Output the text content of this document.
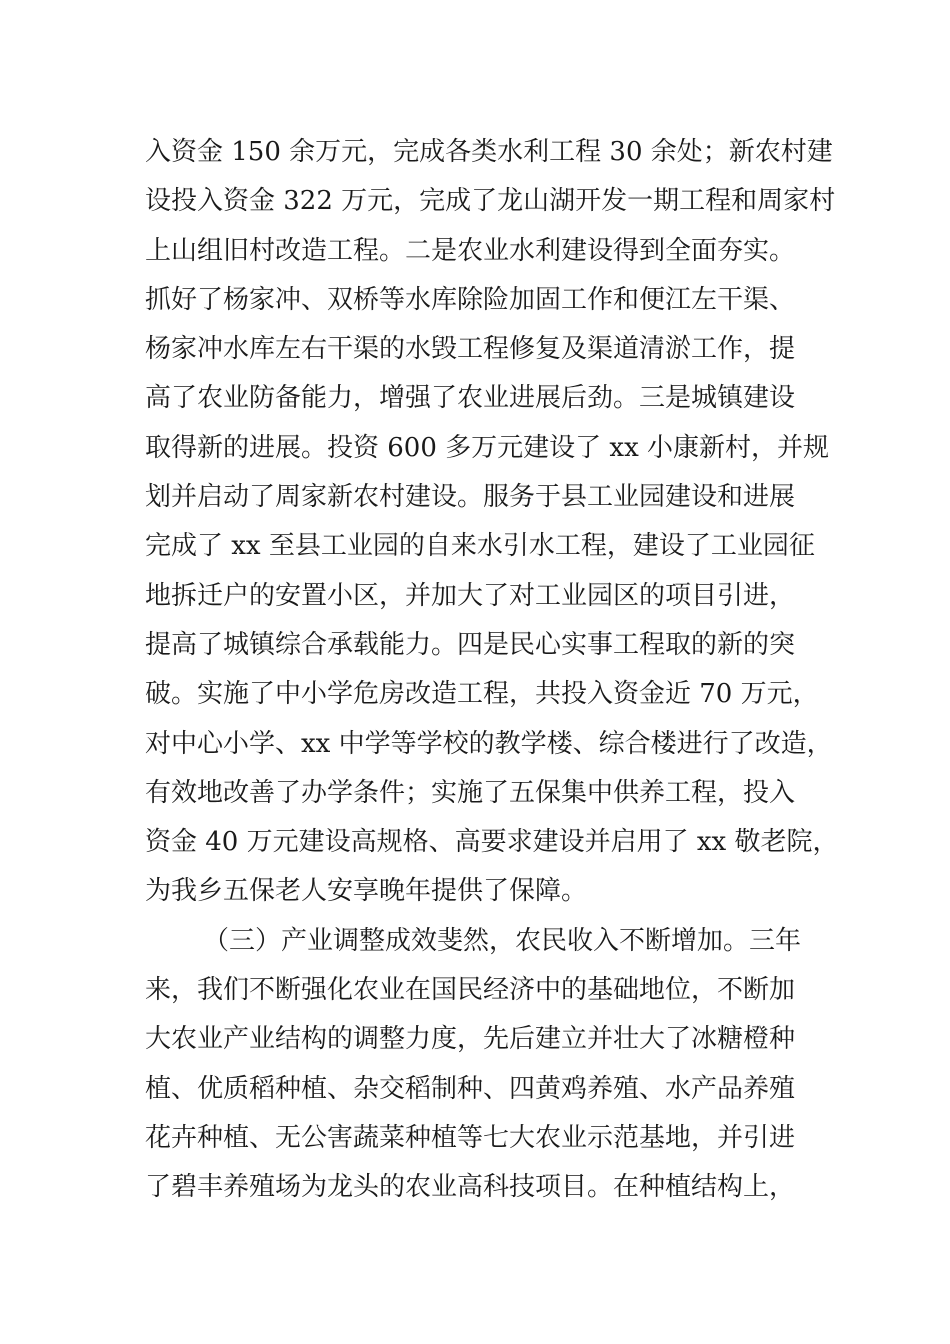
入资金 150 余万元，完成各类水利工程 30 余处；新农村建
设投入资金 322 万元，完成了龙山湖开发一期工程和周家村
上山组旧村改造工程。二是农业水利建设得到全面夯实。
抓好了杨家冲、双桥等水库除险加固工作和便江左干渠、
杨家冲水库左右干渠的水毁工程修复及渠道清淤工作，提
高了农业防备能力，增强了农业进展后劲。三是城镇建设
取得新的进展。投资 600 多万元建设了 xx 小康新村，并规
划并启动了周家新农村建设。服务于县工业园建设和进展
完成了 xx 至县工业园的自来水引水工程，建设了工业园征
地拆迁户的安置小区，并加大了对工业园区的项目引进，
提高了城镇综合承载能力。四是民心实事工程取的新的突
破。实施了中小学危房改造工程，共投入资金近 70 万元，
对中心小学、xx 中学等学校的教学楼、综合楼进行了改造，
有效地改善了办学条件；实施了五保集中供养工程，投入
资金 40 万元建设高规格、高要求建设并启用了 xx 敬老院，
为我乡五保老人安享晚年提供了保障。
（三）产业调整成效斐然，农民收入不断增加。三年
来，我们不断强化农业在国民经济中的基础地位，不断加
大农业产业结构的调整力度，先后建立并壮大了冰糖橙种
植、优质稻种植、杂交稻制种、四黄鸡养殖、水产品养殖
花卉种植、无公害蔬菜种植等七大农业示范基地，并引进
了碧丰养殖场为龙头的农业高科技项目。在种植结构上，
